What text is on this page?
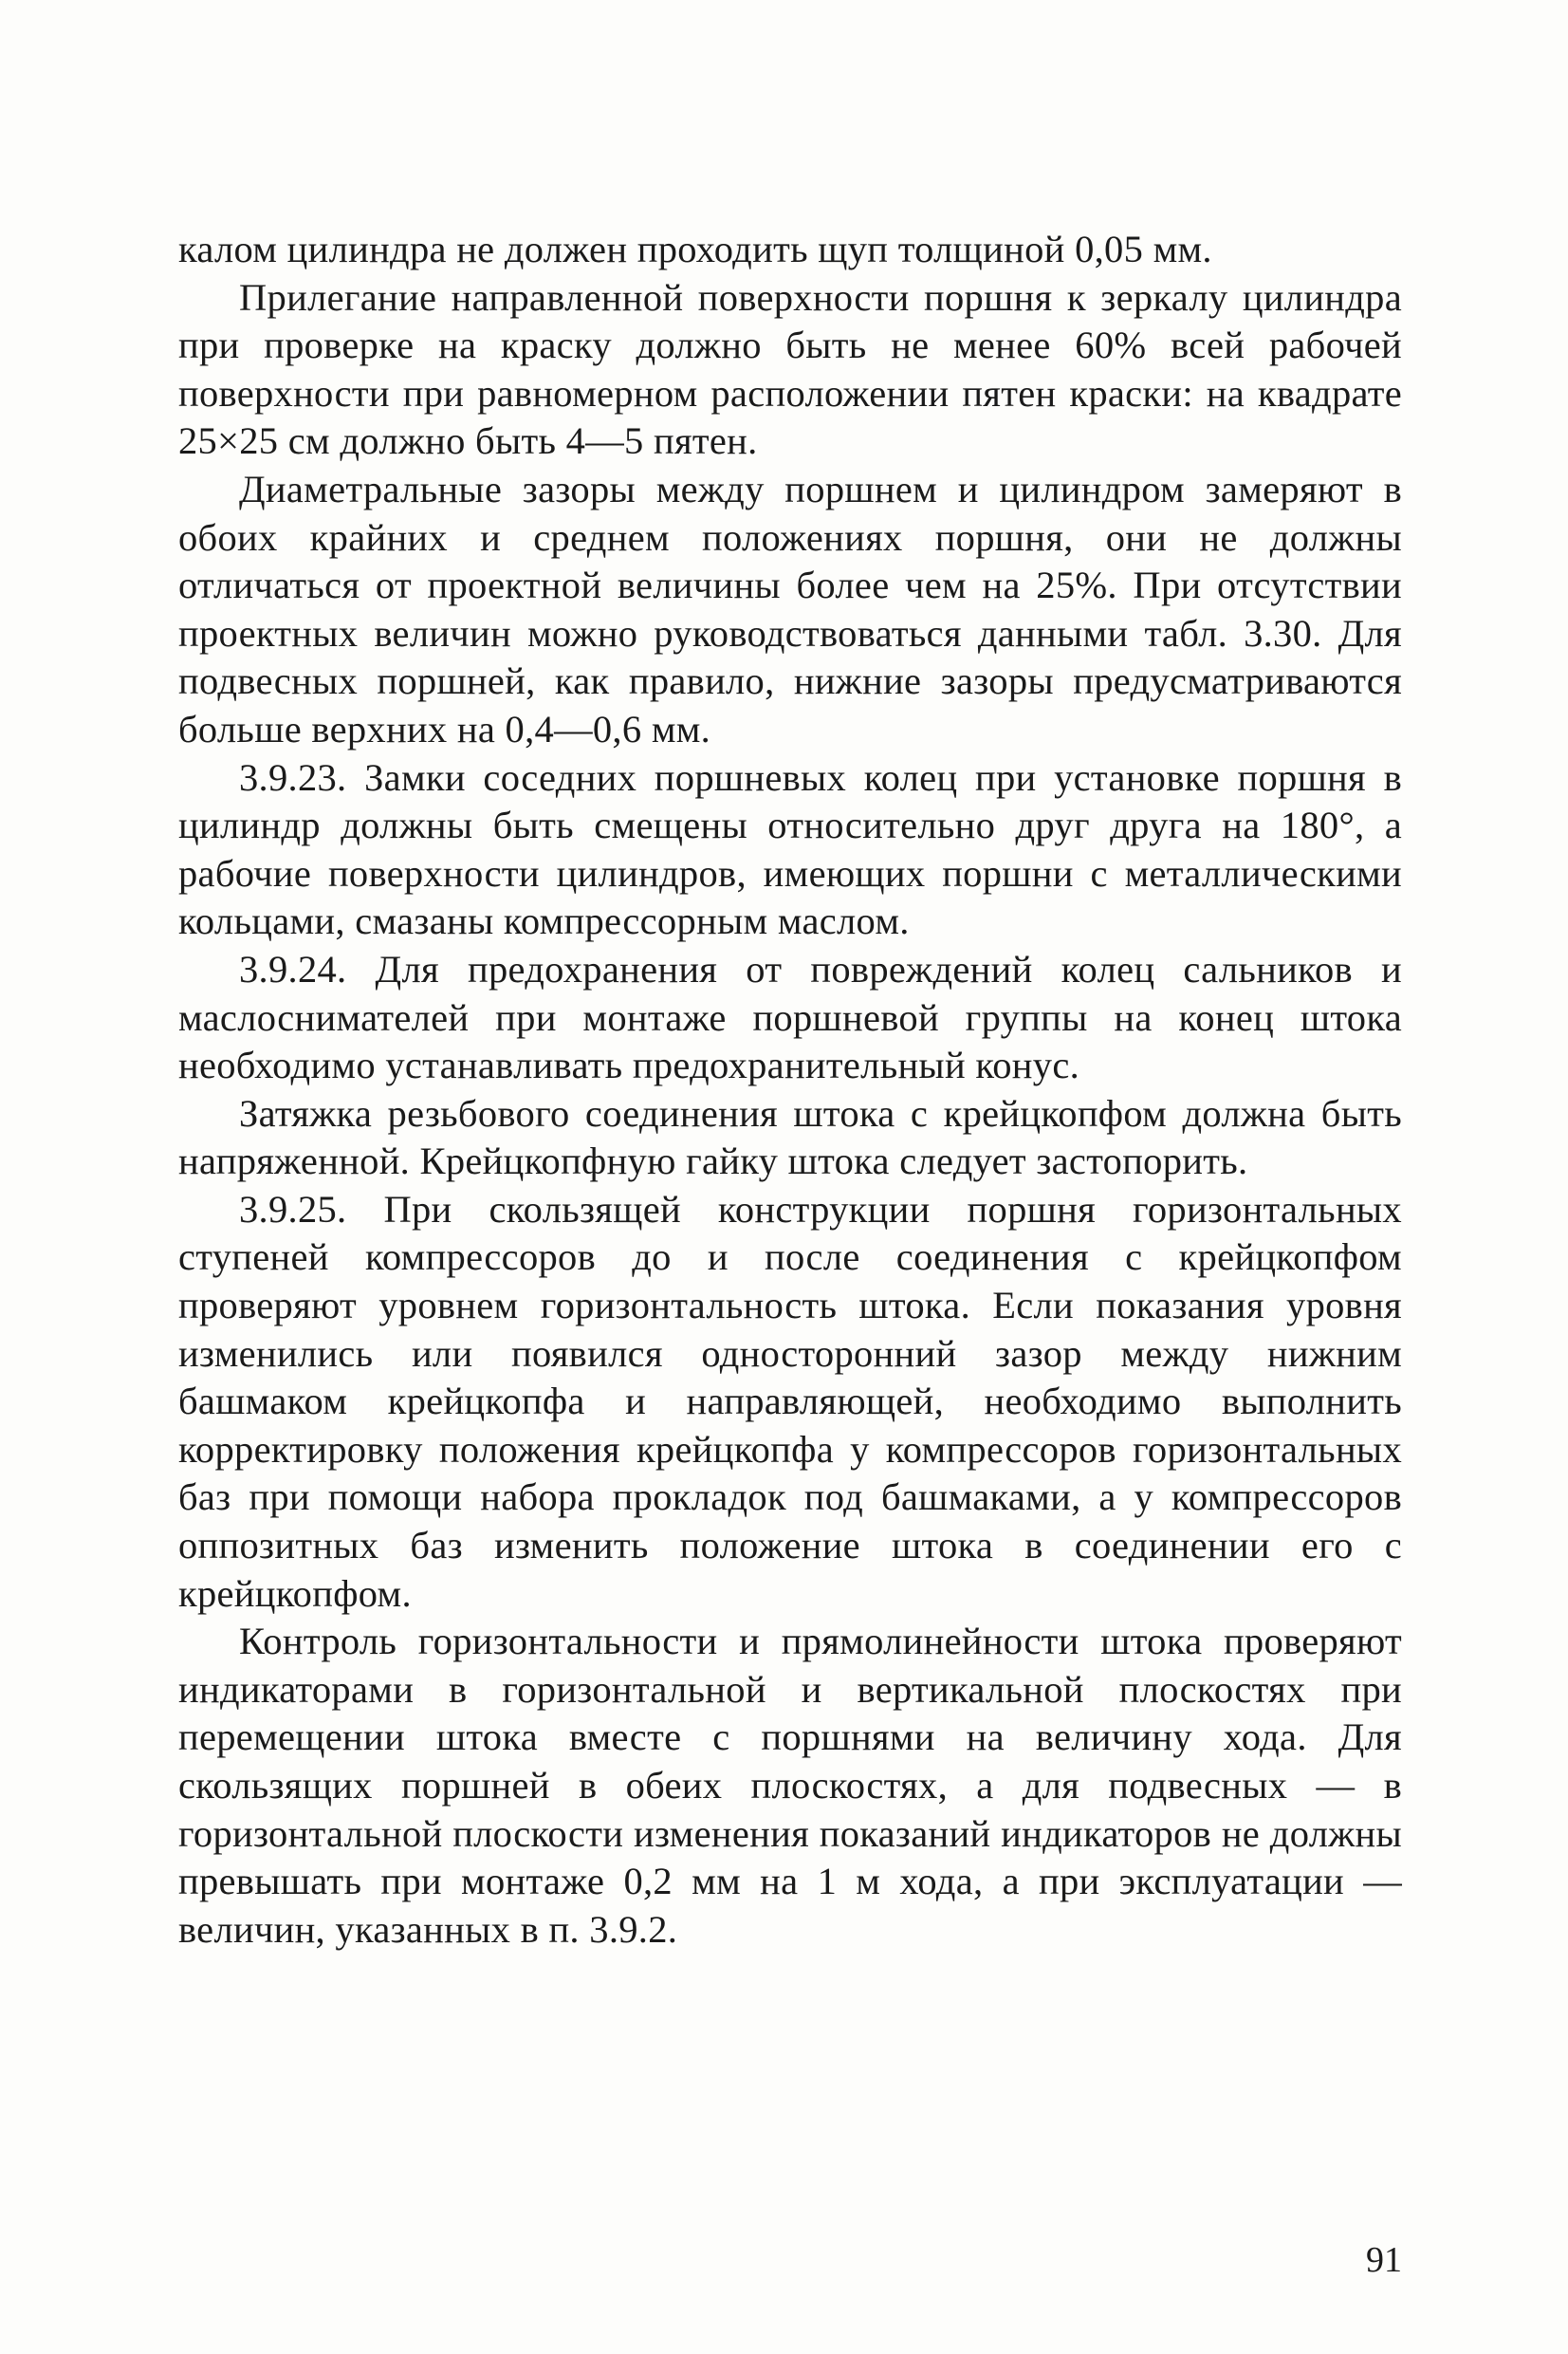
калом цилиндра не должен проходить щуп толщиной 0,05 мм.

Прилегание направленной поверхности поршня к зеркалу цилиндра при проверке на краску должно быть не менее 60% всей рабочей поверхности при равномерном расположении пятен краски: на квадрате 25×25 см должно быть 4—5 пятен.

Диаметральные зазоры между поршнем и цилиндром замеряют в обоих крайних и среднем положениях поршня, они не должны отличаться от проектной величины более чем на 25%. При отсутствии проектных величин можно руководствоваться данными табл. 3.30. Для подвесных поршней, как правило, нижние зазоры предусматриваются больше верхних на 0,4—0,6 мм.

3.9.23. Замки соседних поршневых колец при установке поршня в цилиндр должны быть смещены относительно друг друга на 180°, а рабочие поверхности цилиндров, имеющих поршни с металлическими кольцами, смазаны компрессорным маслом.

3.9.24. Для предохранения от повреждений колец сальников и маслоснимателей при монтаже поршневой группы на конец штока необходимо устанавливать предохранительный конус.

Затяжка резьбового соединения штока с крейцкопфом должна быть напряженной. Крейцкопфную гайку штока следует застопорить.

3.9.25. При скользящей конструкции поршня горизонтальных ступеней компрессоров до и после соединения с крейцкопфом проверяют уровнем горизонтальность штока. Если показания уровня изменились или появился односторонний зазор между нижним башмаком крейцкопфа и направляющей, необходимо выполнить корректировку положения крейцкопфа у компрессоров горизонтальных баз при помощи набора прокладок под башмаками, а у компрессоров оппозитных баз изменить положение штока в соединении его с крейцкопфом.

Контроль горизонтальности и прямолинейности штока проверяют индикаторами в горизонтальной и вертикальной плоскостях при перемещении штока вместе с поршнями на величину хода. Для скользящих поршней в обеих плоскостях, а для подвесных — в горизонтальной плоскости изменения показаний индикаторов не должны превышать при монтаже 0,2 мм на 1 м хода, а при эксплуатации — величин, указанных в п. 3.9.2.

91
